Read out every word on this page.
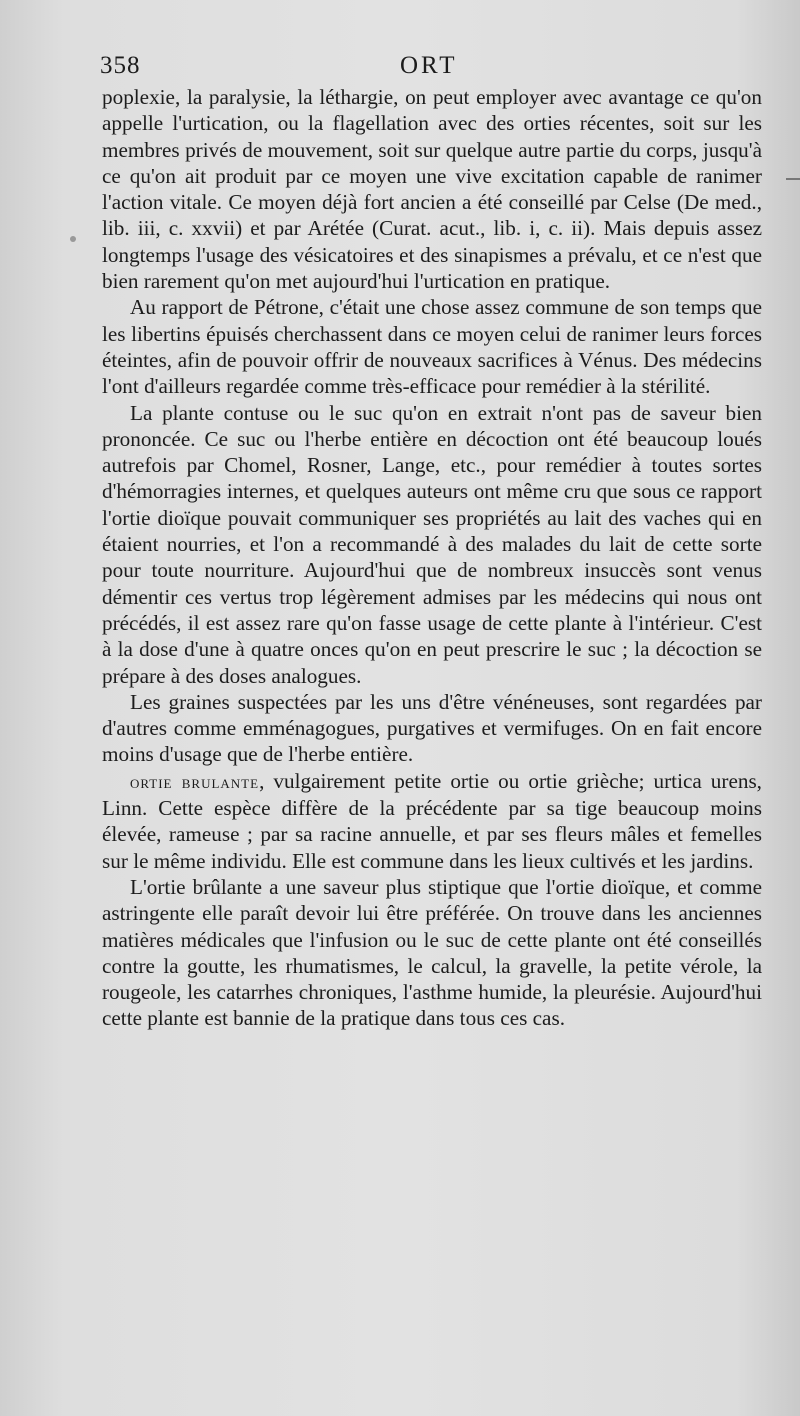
358	ORT

poplexie, la paralysie, la léthargie, on peut employer avec avantage ce qu'on appelle l'urtication, ou la flagellation avec des orties récentes, soit sur les membres privés de mouvement, soit sur quelque autre partie du corps, jusqu'à ce qu'on ait produit par ce moyen une vive excitation capable de ranimer l'action vitale. Ce moyen déjà fort ancien a été conseillé par Celse (De med., lib. iii, c. xxvii) et par Arétée (Curat. acut., lib. i, c. ii). Mais depuis assez longtemps l'usage des vésicatoires et des sinapismes a prévalu, et ce n'est que bien rarement qu'on met aujourd'hui l'urtication en pratique.

Au rapport de Pétrone, c'était une chose assez commune de son temps que les libertins épuisés cherchassent dans ce moyen celui de ranimer leurs forces éteintes, afin de pouvoir offrir de nouveaux sacrifices à Vénus. Des médecins l'ont d'ailleurs regardée comme très-efficace pour remédier à la stérilité.

La plante contuse ou le suc qu'on en extrait n'ont pas de saveur bien prononcée. Ce suc ou l'herbe entière en décoction ont été beaucoup loués autrefois par Chomel, Rosner, Lange, etc., pour remédier à toutes sortes d'hémorragies internes, et quelques auteurs ont même cru que sous ce rapport l'ortie dioïque pouvait communiquer ses propriétés au lait des vaches qui en étaient nourries, et l'on a recommandé à des malades du lait de cette sorte pour toute nourriture. Aujourd'hui que de nombreux insuccès sont venus démentir ces vertus trop légèrement admises par les médecins qui nous ont précédés, il est assez rare qu'on fasse usage de cette plante à l'intérieur. C'est à la dose d'une à quatre onces qu'on en peut prescrire le suc ; la décoction se prépare à des doses analogues.

Les graines suspectées par les uns d'être vénéneuses, sont regardées par d'autres comme emménagogues, purgatives et vermifuges. On en fait encore moins d'usage que de l'herbe entière.

ortie brulante, vulgairement petite ortie ou ortie grièche; urtica urens, Linn. Cette espèce diffère de la précédente par sa tige beaucoup moins élevée, rameuse ; par sa racine annuelle, et par ses fleurs mâles et femelles sur le même individu. Elle est commune dans les lieux cultivés et les jardins.

L'ortie brûlante a une saveur plus stiptique que l'ortie dioïque, et comme astringente elle paraît devoir lui être préférée. On trouve dans les anciennes matières médicales que l'infusion ou le suc de cette plante ont été conseillés contre la goutte, les rhumatismes, le calcul, la gravelle, la petite vérole, la rougeole, les catarrhes chroniques, l'asthme humide, la pleurésie. Aujourd'hui cette plante est bannie de la pratique dans tous ces cas.
